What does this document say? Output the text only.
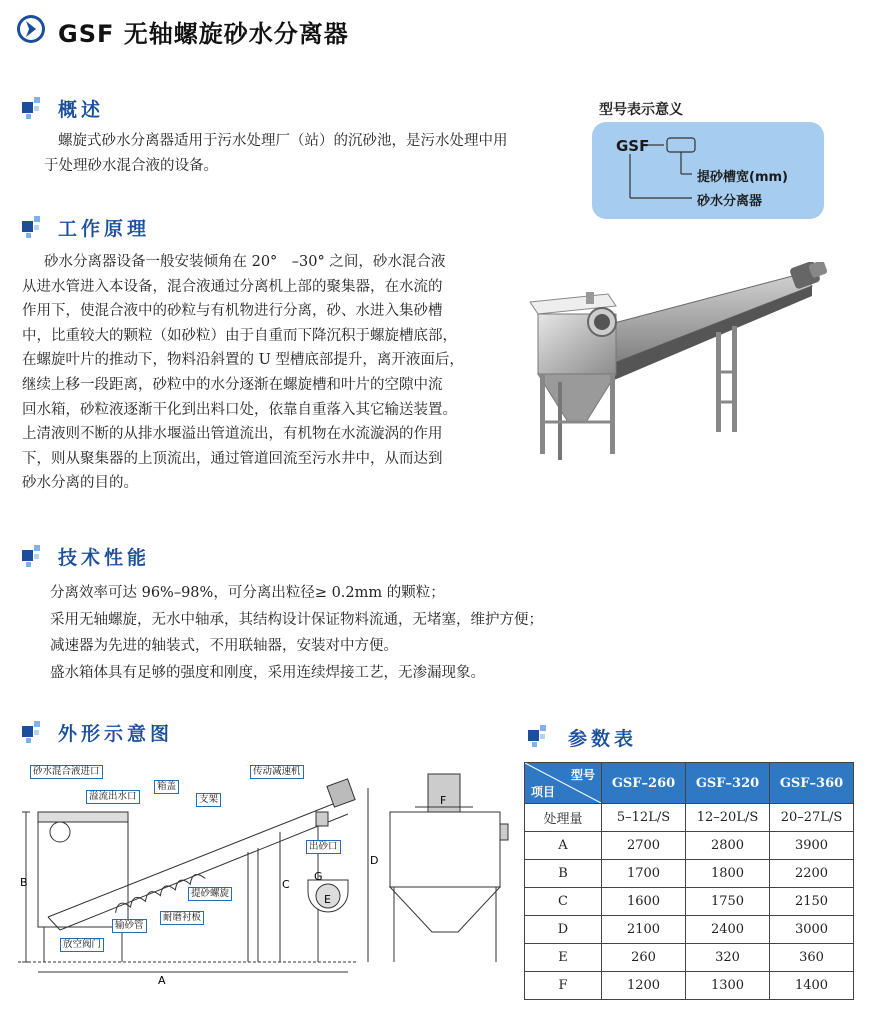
GSF 无轴螺旋砂水分离器
概述

螺旋式砂水分离器适用于污水处理厂（站）的沉砂池，是污水处理中用

于处理砂水混合液的设备。

型号表示意义
GSF
提砂槽宽(mm)
砂水分离器
工作原理

砂水分离器设备一般安装倾角在 20°　–30° 之间，砂水混合液

从进水管进入本设备，混合液通过分离机上部的聚集器，在水流的

作用下，使混合液中的砂粒与有机物进行分离，砂、水进入集砂槽

中，比重较大的颗粒（如砂粒）由于自重而下降沉积于螺旋槽底部，

在螺旋叶片的推动下，物料沿斜置的 U 型槽底部提升，离开液面后，

继续上移一段距离，砂粒中的水分逐渐在螺旋槽和叶片的空隙中流

回水箱，砂粒液逐渐干化到出料口处，依靠自重落入其它输送装置。

上清液则不断的从排水堰溢出管道流出，有机物在水流漩涡的作用

下，则从聚集器的上顶流出，通过管道回流至污水井中，从而达到

砂水分离的目的。

技术性能

分离效率可达 96%–98%，可分离出粒径≥ 0.2mm 的颗粒；

采用无轴螺旋，无水中轴承，其结构设计保证物料流通，无堵塞，维护方便；

减速器为先进的轴装式，不用联轴器，安装对中方便。

盛水箱体具有足够的强度和刚度，采用连续焊接工艺，无渗漏现象。

外形示意图
B
A
C
D
E
F
G
砂水混合液进口
溢流出水口
箱盖
支架
传动减速机
出砂口
提砂螺旋
耐磨衬板
输砂管
放空阀门
参数表
型号
项目	GSF–260	GSF–320	GSF–360
处理量	5–12L/S	12–20L/S	20–27L/S
A	2700	2800	3900
B	1700	1800	2200
C	1600	1750	2150
D	2100	2400	3000
E	260	320	360
F	1200	1300	1400
